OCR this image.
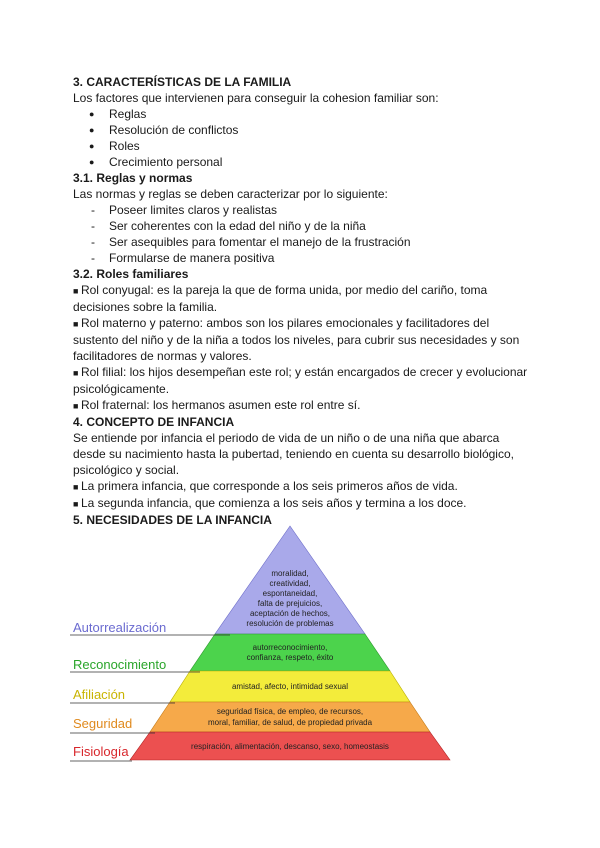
3. CARACTERÍSTICAS DE LA FAMILIA

Los factores que intervienen para conseguir la cohesion familiar son:

● Reglas
● Resolución de conflictos
● Roles
● Crecimiento personal
3.1. Reglas y normas

Las normas y reglas se deben caracterizar por lo siguiente:

- Poseer limites claros y realistas
- Ser coherentes con la edad del niño y de la niña
- Ser asequibles para fomentar el manejo de la frustración
- Formularse de manera positiva
3.2. Roles familiares

■ Rol conyugal: es la pareja la que de forma unida, por medio del cariño, toma decisiones sobre la familia.

■ Rol materno y paterno: ambos son los pilares emocionales y facilitadores del sustento del niño y de la niña a todos los niveles, para cubrir sus necesidades y son facilitadores de normas y valores.

■ Rol filial: los hijos desempeñan este rol; y están encargados de crecer y evolucionar psicológicamente.

■ Rol fraternal: los hermanos asumen este rol entre sí.

4. CONCEPTO DE INFANCIA

Se entiende por infancia el periodo de vida de un niño o de una niña que abarca desde su nacimiento hasta la pubertad, teniendo en cuenta su desarrollo biológico, psicológico y social.

■ La primera infancia, que corresponde a los seis primeros años de vida.

■ La segunda infancia, que comienza a los seis años y termina a los doce.

5. NECESIDADES DE LA INFANCIA
Autorrealización
Reconocimiento
Afiliación
Seguridad
Fisiología
moralidad,
creatividad,
espontaneidad,
falta de prejuicios,
aceptación de hechos,
resolución de problemas
autorreconocimiento,
confianza, respeto, éxito
amistad, afecto, intimidad sexual
seguridad física, de empleo, de recursos,
moral, familiar, de salud, de propiedad privada
respiración, alimentación, descanso, sexo, homeostasis
